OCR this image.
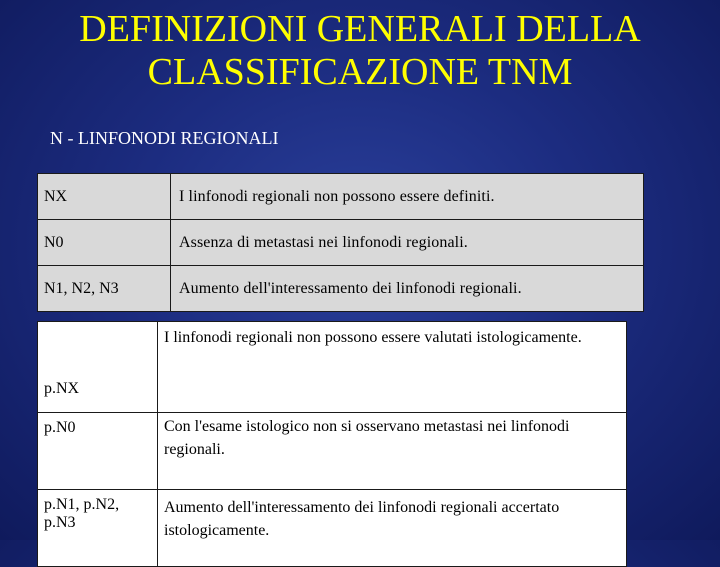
DEFINIZIONI GENERALI DELLA
CLASSIFICAZIONE TNM
N - LINFONODI REGIONALI
NX	I linfonodi regionali non possono essere definiti.
N0	Assenza di metastasi nei linfonodi regionali.
N1, N2, N3	Aumento dell'interessamento dei linfonodi regionali.
p.NX	I linfonodi regionali non possono essere valutati istologicamente.
p.N0	Con l'esame istologico non si osservano metastasi nei linfonodi regionali.
p.N1, p.N2, p.N3	Aumento dell'interessamento dei linfonodi regionali accertato istologicamente.
